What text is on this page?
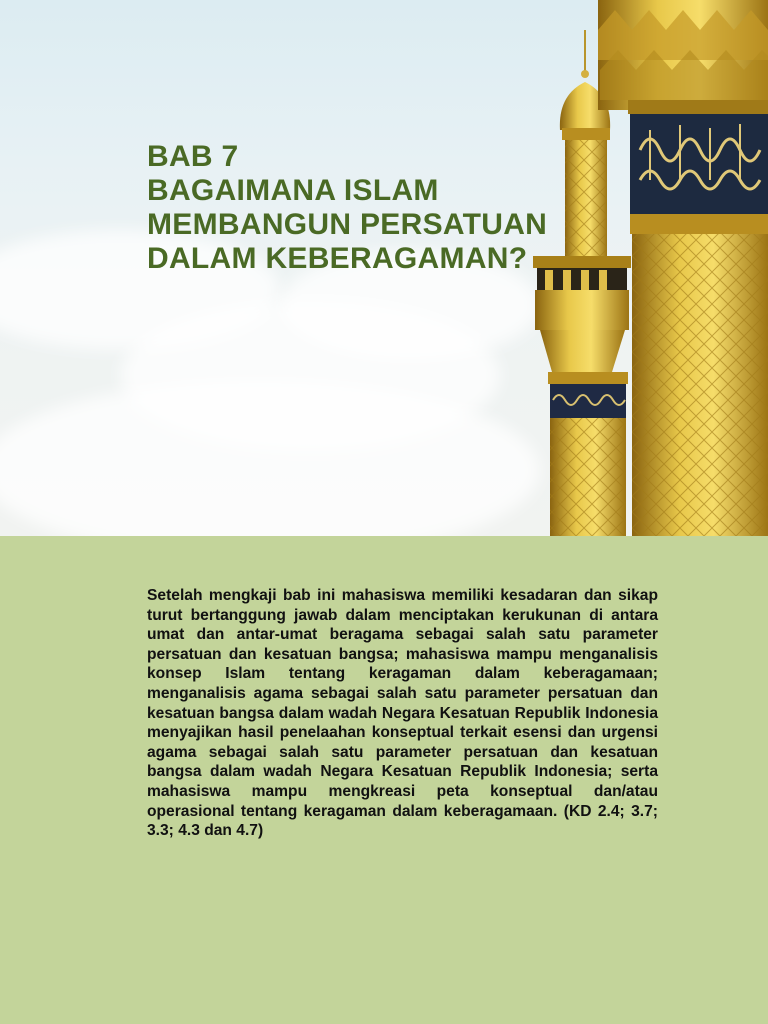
BAB 7
BAGAIMANA ISLAM
MEMBANGUN PERSATUAN
DALAM KEBERAGAMAN?

Setelah mengkaji bab ini mahasiswa memiliki kesadaran dan sikap turut bertanggung jawab dalam menciptakan kerukunan di antara umat dan antar-umat beragama sebagai salah satu parameter persatuan dan kesatuan bangsa; mahasiswa mampu menganalisis konsep Islam tentang keragaman dalam keberagamaan; menganalisis agama sebagai salah satu parameter persatuan dan kesatuan bangsa dalam wadah Negara Kesatuan Republik Indonesia menyajikan hasil penelaahan konseptual terkait esensi dan urgensi agama sebagai salah satu parameter persatuan dan kesatuan bangsa dalam wadah Negara Kesatuan Republik Indonesia; serta mahasiswa mampu mengkreasi peta konseptual dan/atau operasional tentang keragaman dalam keberagamaan. (KD 2.4; 3.7; 3.3; 4.3 dan 4.7)
